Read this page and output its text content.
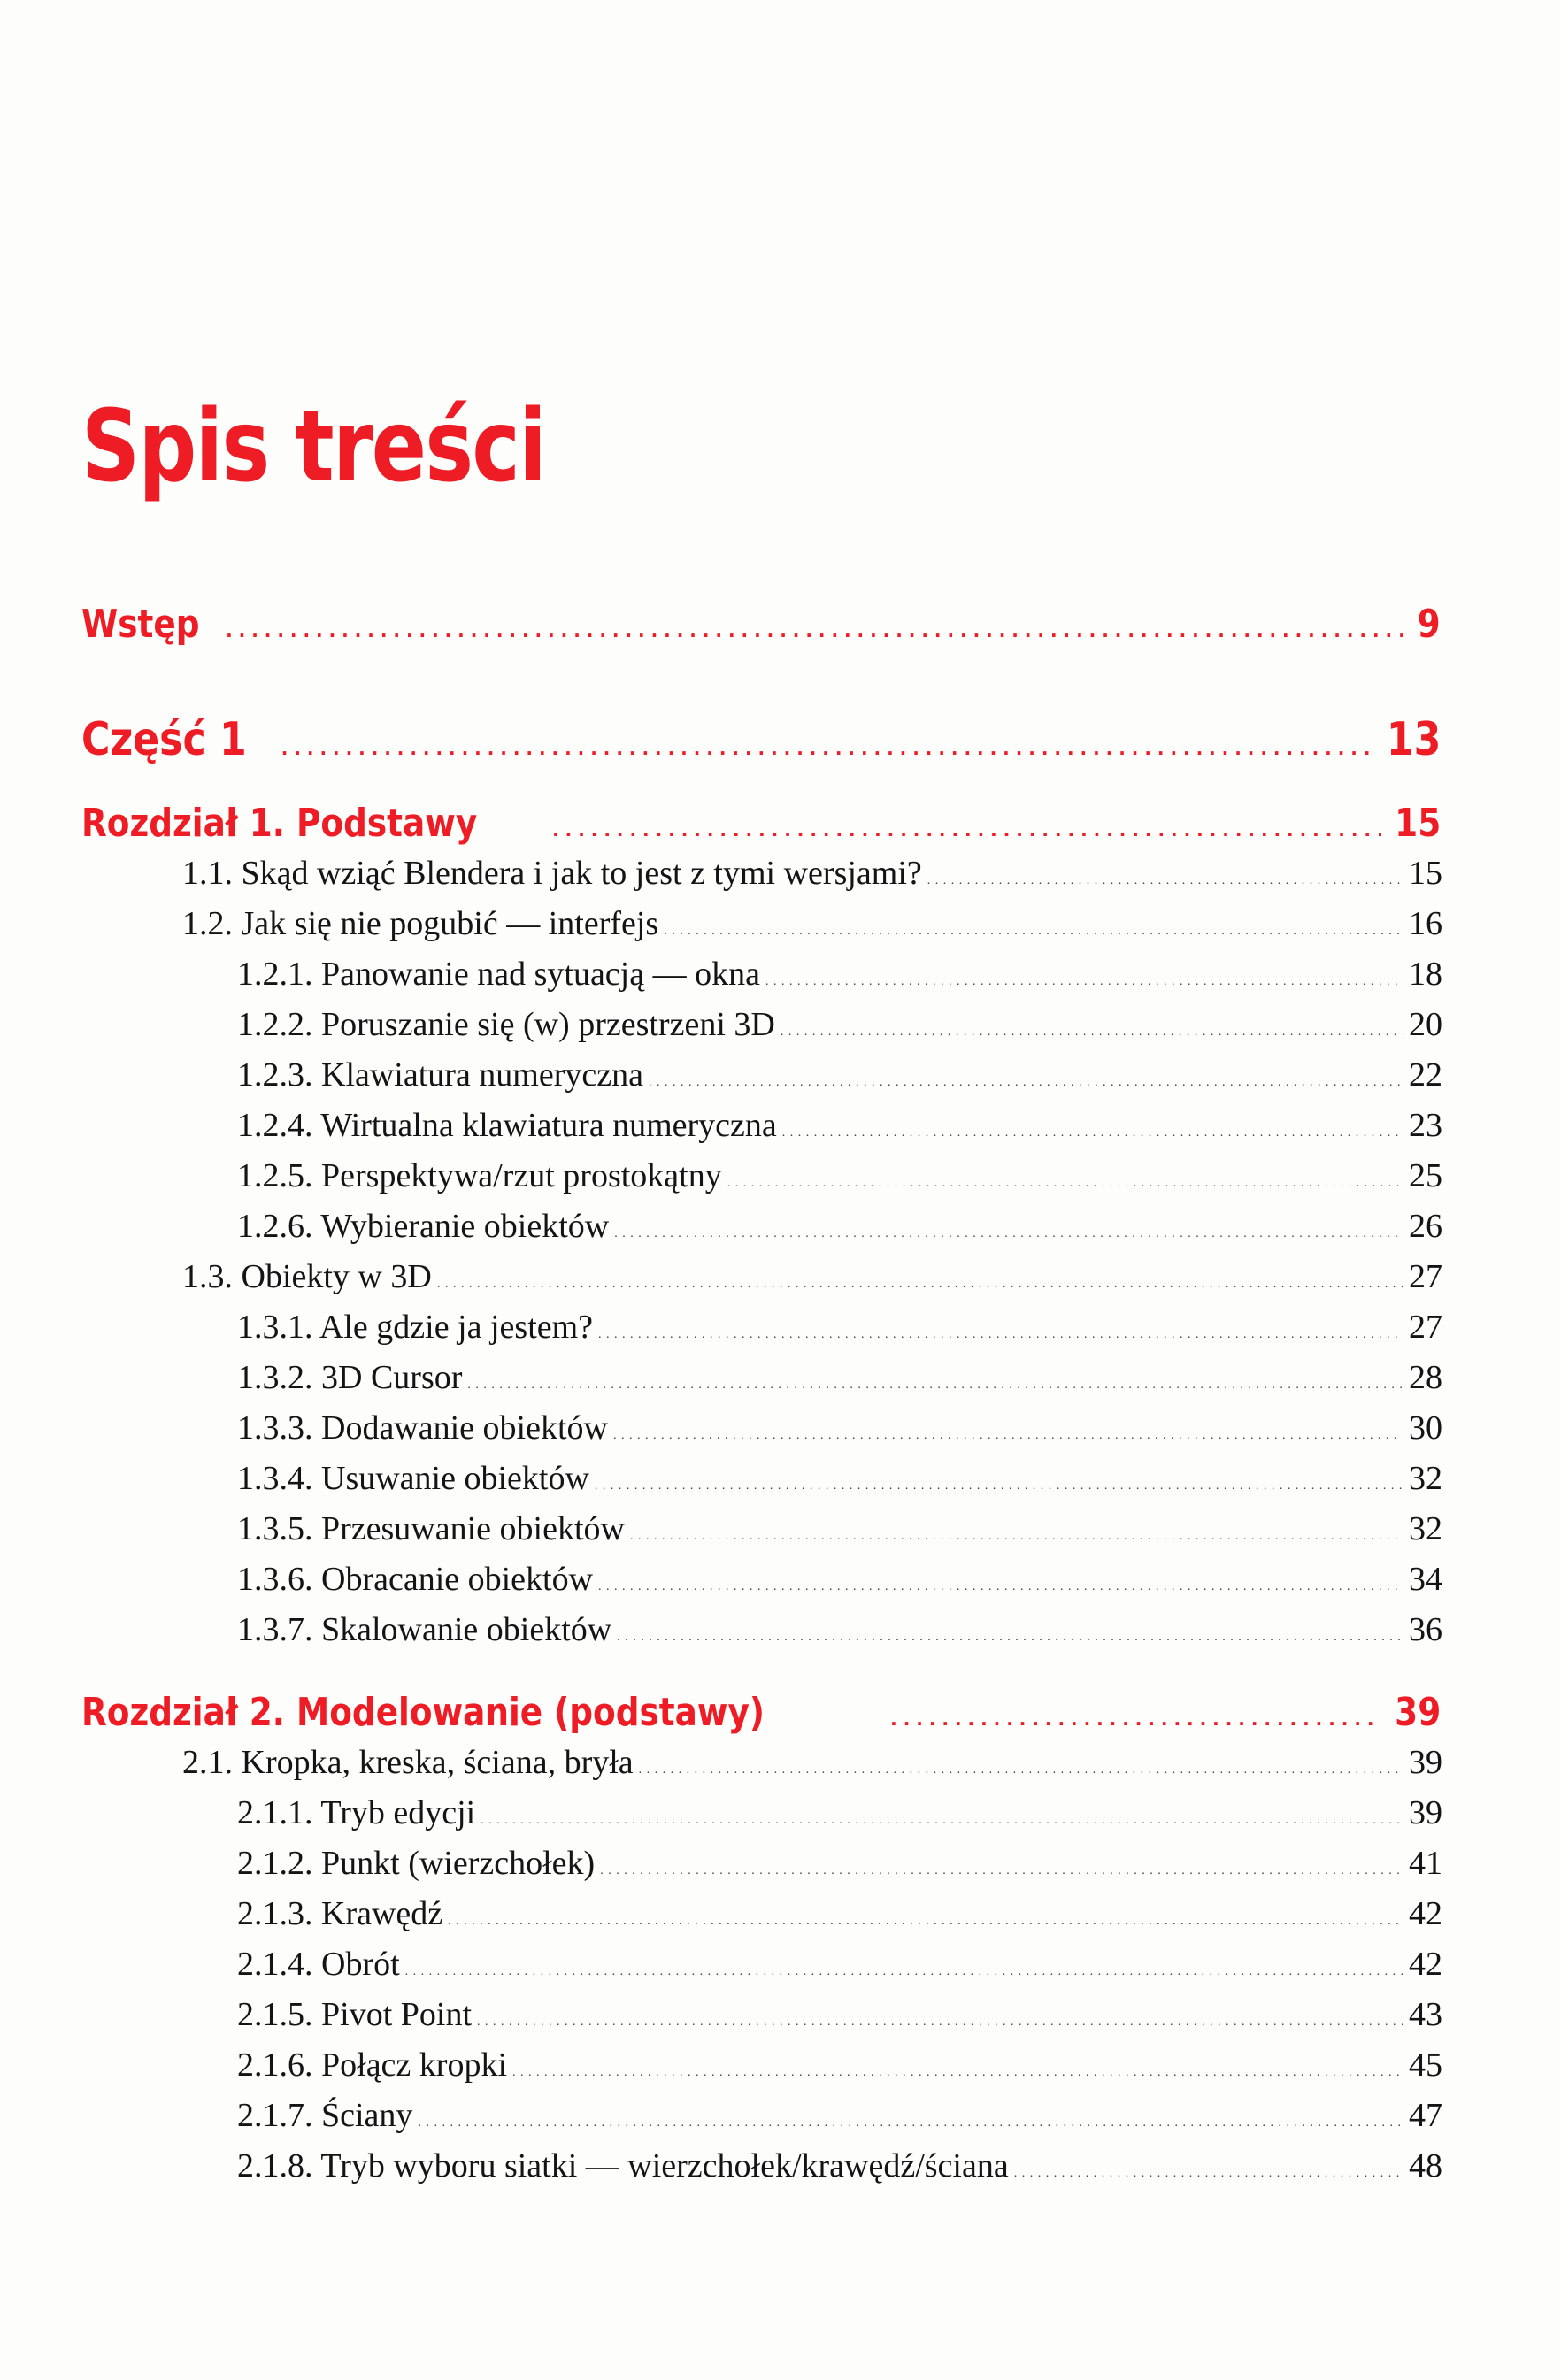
Spis treści
Wstęp . . .	9
Część 1 . . .	13
Rozdział 1. Podstawy . . .	15
1.1. Skąd wziąć Blendera i jak to jest z tymi wersjami? . . .	15
1.2. Jak się nie pogubić — interfejs . . .	16
1.2.1. Panowanie nad sytuacją — okna . . .	18
1.2.2. Poruszanie się (w) przestrzeni 3D . . .	20
1.2.3. Klawiatura numeryczna . . .	22
1.2.4. Wirtualna klawiatura numeryczna . . .	23
1.2.5. Perspektywa/rzut prostokątny . . .	25
1.2.6. Wybieranie obiektów . . .	26
1.3. Obiekty w 3D . . .	27
1.3.1. Ale gdzie ja jestem? . . .	27
1.3.2. 3D Cursor . . .	28
1.3.3. Dodawanie obiektów . . .	30
1.3.4. Usuwanie obiektów . . .	32
1.3.5. Przesuwanie obiektów . . .	32
1.3.6. Obracanie obiektów . . .	34
1.3.7. Skalowanie obiektów . . .	36
Rozdział 2. Modelowanie (podstawy) . . .	39
2.1. Kropka, kreska, ściana, bryła . . .	39
2.1.1. Tryb edycji . . .	39
2.1.2. Punkt (wierzchołek) . . .	41
2.1.3. Krawędź . . .	42
2.1.4. Obrót . . .	42
2.1.5. Pivot Point . . .	43
2.1.6. Połącz kropki . . .	45
2.1.7. Ściany . . .	47
2.1.8. Tryb wyboru siatki — wierzchołek/krawędź/ściana . . .	48
